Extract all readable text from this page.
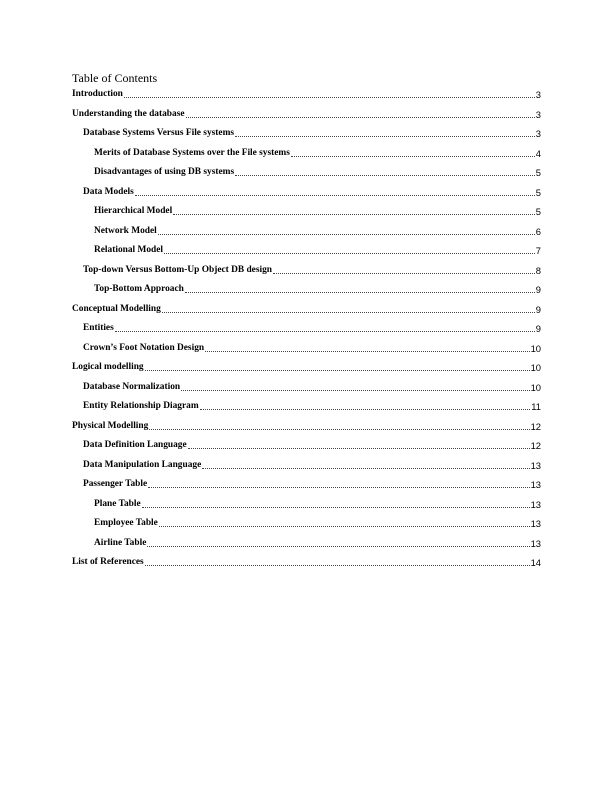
Table of Contents
Introduction	3
Understanding the database	3
Database Systems Versus File systems	3
Merits of Database Systems over the File systems	4
Disadvantages of using DB systems	5
Data Models	5
Hierarchical Model	5
Network Model	6
Relational Model	7
Top-down Versus Bottom-Up Object DB design	8
Top-Bottom Approach	9
Conceptual Modelling	9
Entities	9
Crown’s Foot Notation Design	10
Logical modelling	10
Database Normalization	10
Entity Relationship Diagram	11
Physical Modelling	12
Data Definition Language	12
Data Manipulation Language	13
Passenger Table	13
Plane Table	13
Employee Table	13
Airline Table	13
List of References	14
